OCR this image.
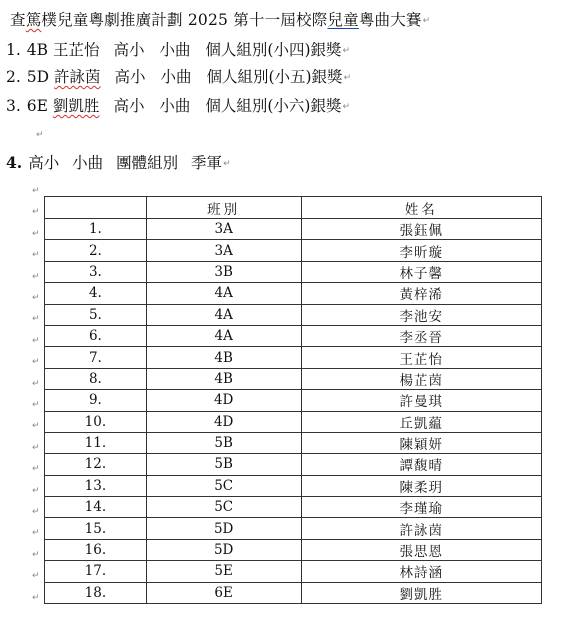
查篤樸兒童粵劇推廣計劃 2025 第十一屆校際兒童粵曲大賽↵
1. 4B 王芷怡 高小 小曲 個人組別(小四)銀獎↵
2. 5D 許詠茵 高小 小曲 個人組別(小五)銀獎↵
3. 6E 劉凱胜 高小 小曲 個人組別(小六)銀獎↵
↵
4. 高小 小曲 團體組別 季軍↵
↵
↵
↵
↵
↵
↵
↵
↵
↵
↵
↵
↵
↵
↵
↵
↵
↵
↵
↵
↵
	班別	姓名
1.	3A	張鈺佩
2.	3A	李昕璇
3.	3B	林子馨
4.	4A	黃梓浠
5.	4A	李池安
6.	4A	李丞晉
7.	4B	王芷怡
8.	4B	楊芷茵
9.	4D	許曼琪
10.	4D	丘凱藴
11.	5B	陳穎妍
12.	5B	譚馥晴
13.	5C	陳柔玥
14.	5C	李瑾瑜
15.	5D	許詠茵
16.	5D	張思恩
17.	5E	林詩涵
18.	6E	劉凱胜
